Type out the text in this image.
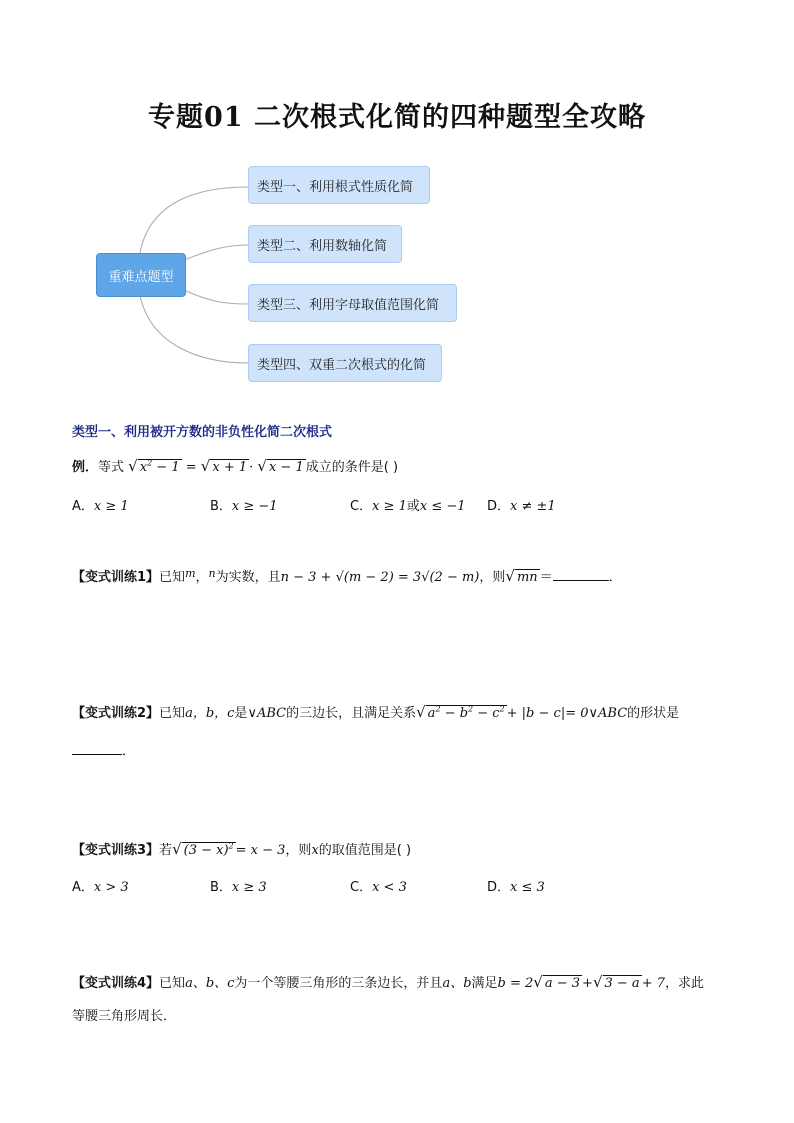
专题01 二次根式化简的四种题型全攻略
重难点题型
类型一、利用根式性质化简
类型二、利用数轴化简
类型三、利用字母取值范围化简
类型四、双重二次根式的化简
类型一、利用被开方数的非负性化简二次根式
例．等式 √ $x^2 - 1$ = √ x + 1 · √ x − 1 成立的条件是( )
A．x ≥ 1	B．x ≥ −1	C．x ≥ 1或x ≤ −1 D．x ≠ ±1
【变式训练1】已知$^m$，$^n$为实数，且n − 3 + √(m − 2) = 3√(2 − m)，则 √ mn ＝	．
【变式训练2】已知a，b，c是∨ABC的三边长，且满足关系 √ $a^2 - b^2 - c^2 + |b - c|=$ 0∨ABC的形状是
．
【变式训练3】若 √ $(3 - x)^2 = x - 3$，则x的取值范围是( )
A．x > 3	B．x ≥ 3	C．x < 3	D．x ≤ 3
【变式训练4】已知a、b、c为一个等腰三角形的三条边长，并且a、b满足b = 2 √ a − 3 + √ 3 − a + 7，求此
等腰三角形周长．
